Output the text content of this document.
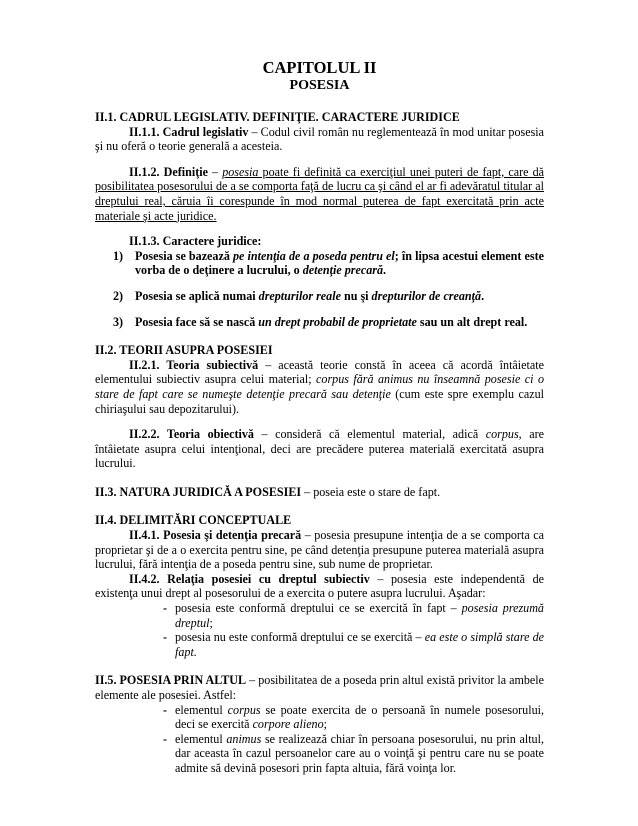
CAPITOLUL II

POSESIA

II.1. CADRUL LEGISLATIV. DEFINIŢIE. CARACTERE JURIDICE

II.1.1. Cadrul legislativ – Codul civil român nu reglementează în mod unitar posesia şi nu oferă o teorie generală a acesteia.

II.1.2. Definiţie – posesia poate fi definită ca exerciţiul unei puteri de fapt, care dă posibilitatea posesorului de a se comporta faţă de lucru ca şi când el ar fi adevăratul titular al dreptului real, căruia îi corespunde în mod normal puterea de fapt exercitată prin acte materiale şi acte juridice.

II.1.3. Caractere juridice:

1) Posesia se bazează pe intenţia de a poseda pentru el; în lipsa acestui element este vorba de o deţinere a lucrului, o detenţie precară.
2) Posesia se aplică numai drepturilor reale nu şi drepturilor de creanţă.
3) Posesia face să se nască un drept probabil de proprietate sau un alt drept real.

II.2. TEORII ASUPRA POSESIEI

II.2.1. Teoria subiectivă – această teorie constă în aceea că acordă întâietate elementului subiectiv asupra celui material; corpus fără animus nu înseamnă posesie ci o stare de fapt care se numeşte detenţie precară sau detenţie (cum este spre exemplu cazul chiriaşului sau depozitarului).

II.2.2. Teoria obiectivă – consideră că elementul material, adică corpus, are întâietate asupra celui intenţional, deci are precădere puterea materială exercitată asupra lucrului.

II.3. NATURA JURIDICĂ A POSESIEI – poseia este o stare de fapt.

II.4. DELIMITĂRI CONCEPTUALE

II.4.1. Posesia şi detenţia precară – posesia presupune intenţia de a se comporta ca proprietar şi de a o exercita pentru sine, pe când detenţia presupune puterea materială asupra lucrului, fără intenţia de a poseda pentru sine, sub nume de proprietar.

II.4.2. Relaţia posesiei cu dreptul subiectiv – posesia este independentă de existenţa unui drept al posesorului de a exercita o putere asupra lucrului. Aşadar:

- posesia este conformă dreptului ce se exercită în fapt – posesia prezumă dreptul;
- posesia nu este conformă dreptului ce se exercită – ea este o simplă stare de fapt.

II.5. POSESIA PRIN ALTUL – posibilitatea de a poseda prin altul există privitor la ambele elemente ale posesiei. Astfel:

- elementul corpus se poate exercita de o persoană în numele posesorului, deci se exercită corpore alieno;
- elementul animus se realizează chiar în persoana posesorului, nu prin altul, dar aceasta în cazul persoanelor care au o voinţă şi pentru care nu se poate admite să devină posesori prin fapta altuia, fără voinţa lor.
